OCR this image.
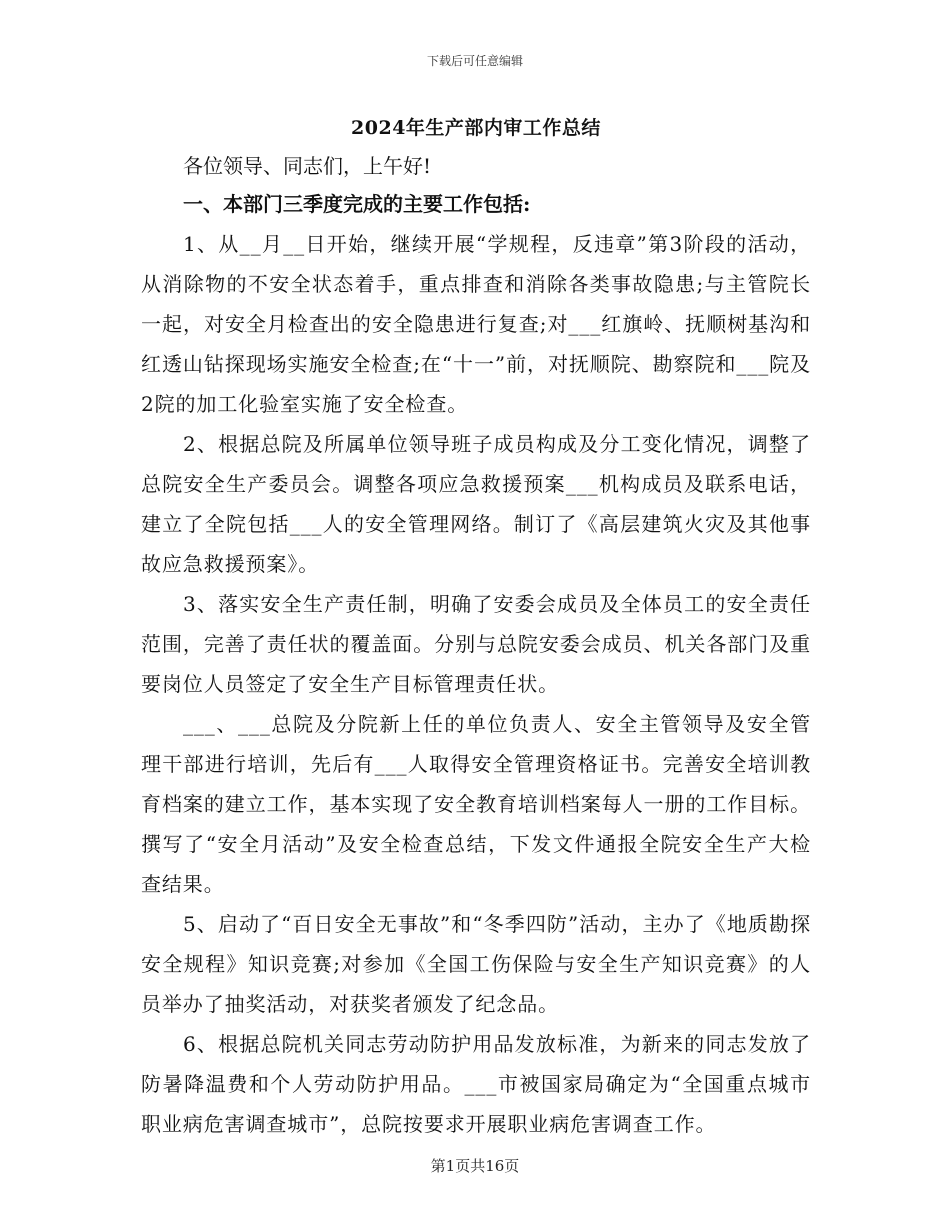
下载后可任意编辑
2024年生产部内审工作总结

各位领导、同志们，上午好!

一、本部门三季度完成的主要工作包括:

1、从__月__日开始，继续开展“学规程，反违章”第3阶段的活动，从消除物的不安全状态着手，重点排查和消除各类事故隐患;与主管院长一起，对安全月检查出的安全隐患进行复查;对___红旗岭、抚顺树基沟和红透山钻探现场实施安全检查;在“十一”前，对抚顺院、勘察院和___院及2院的加工化验室实施了安全检查。

2、根据总院及所属单位领导班子成员构成及分工变化情况，调整了总院安全生产委员会。调整各项应急救援预案___机构成员及联系电话，建立了全院包括___人的安全管理网络。制订了《高层建筑火灾及其他事故应急救援预案》。

3、落实安全生产责任制，明确了安委会成员及全体员工的安全责任范围，完善了责任状的覆盖面。分别与总院安委会成员、机关各部门及重要岗位人员签定了安全生产目标管理责任状。

___、___总院及分院新上任的单位负责人、安全主管领导及安全管理干部进行培训，先后有___人取得安全管理资格证书。完善安全培训教育档案的建立工作，基本实现了安全教育培训档案每人一册的工作目标。撰写了“安全月活动”及安全检查总结，下发文件通报全院安全生产大检查结果。

5、启动了“百日安全无事故”和“冬季四防”活动，主办了《地质勘探安全规程》知识竞赛;对参加《全国工伤保险与安全生产知识竞赛》的人员举办了抽奖活动，对获奖者颁发了纪念品。

6、根据总院机关同志劳动防护用品发放标准，为新来的同志发放了防暑降温费和个人劳动防护用品。___市被国家局确定为“全国重点城市职业病危害调查城市”，总院按要求开展职业病危害调查工作。

第1页共16页
